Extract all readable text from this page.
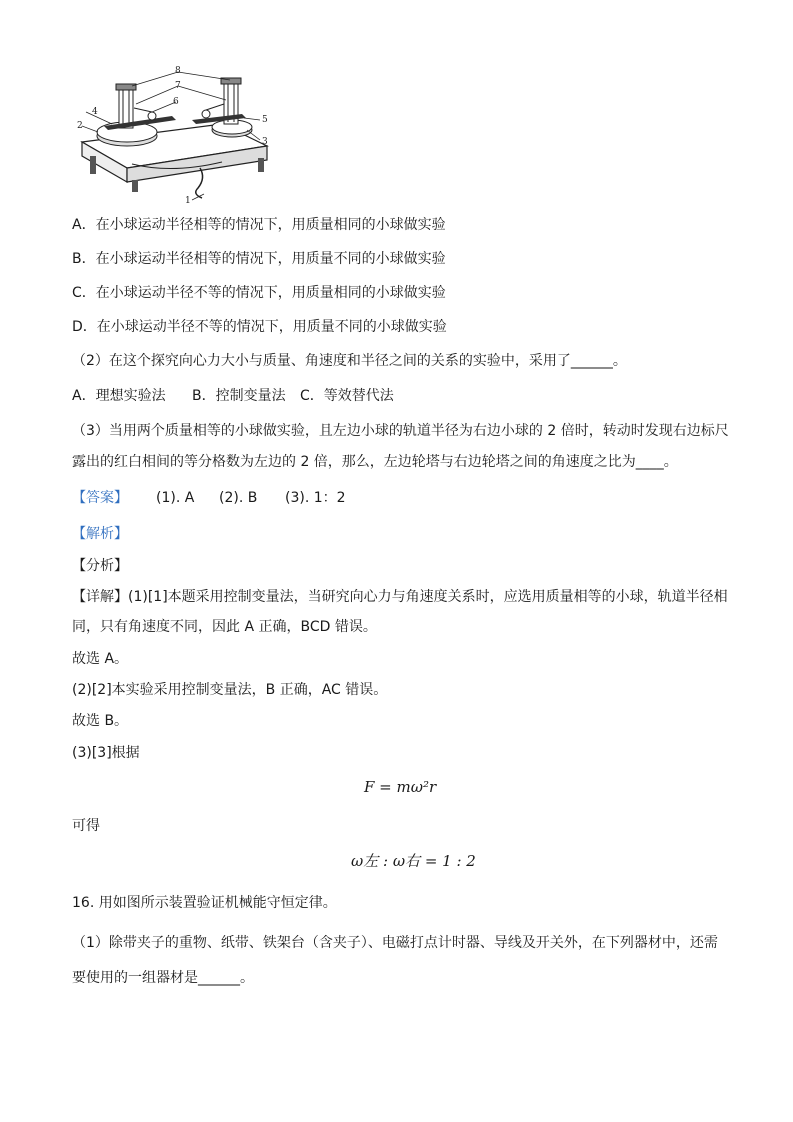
8
7
6
5
4
3
2
1
A．在小球运动半径相等的情况下，用质量相同的小球做实验
B．在小球运动半径相等的情况下，用质量不同的小球做实验
C．在小球运动半径不等的情况下，用质量相同的小球做实验
D．在小球运动半径不等的情况下，用质量不同的小球做实验
（2）在这个探究向心力大小与质量、角速度和半径之间的关系的实验中，采用了______。
A．理想实验法 B．控制变量法 C．等效替代法
（3）当用两个质量相等的小球做实验，且左边小球的轨道半径为右边小球的 2 倍时，转动时发现右边标尺
露出的红白相间的等分格数为左边的 2 倍，那么，左边轮塔与右边轮塔之间的角速度之比为____。
【答案】 (1). A (2). B (3). 1：2
【解析】
【分析】
【详解】(1)[1]本题采用控制变量法，当研究向心力与角速度关系时，应选用质量相等的小球，轨道半径相
同，只有角速度不同，因此 A 正确，BCD 错误。
故选 A。
(2)[2]本实验采用控制变量法，B 正确，AC 错误。
故选 B。
(3)[3]根据
F = mω²r
可得
ω左 : ω右 = 1 : 2
16. 用如图所示装置验证机械能守恒定律。
（1）除带夹子的重物、纸带、铁架台（含夹子）、电磁打点计时器、导线及开关外，在下列器材中，还需
要使用的一组器材是______。
